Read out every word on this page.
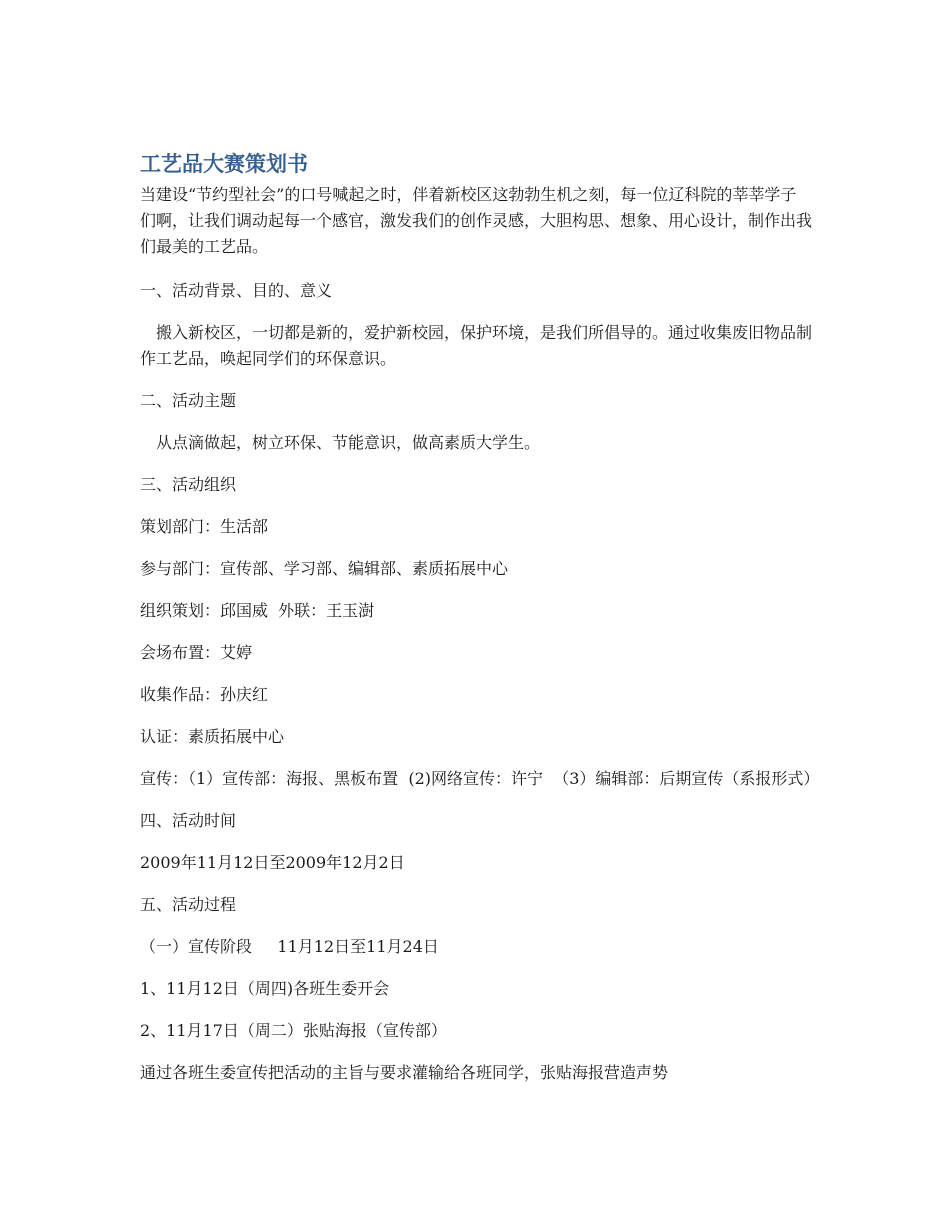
工艺品大赛策划书

当建设“节约型社会”的口号喊起之时，伴着新校区这勃勃生机之刻，每一位辽科院的莘莘学子们啊，让我们调动起每一个感官，激发我们的创作灵感，大胆构思、想象、用心设计，制作出我们最美的工艺品。

一、活动背景、目的、意义

搬入新校区，一切都是新的，爱护新校园，保护环境，是我们所倡导的。通过收集废旧物品制作工艺品，唤起同学们的环保意识。

二、活动主题

从点滴做起，树立环保、节能意识，做高素质大学生。

三、活动组织

策划部门：生活部

参与部门：宣传部、学习部、编辑部、素质拓展中心

组织策划：邱国威  外联：王玉澍

会场布置：艾婷

收集作品：孙庆红

认证：素质拓展中心

宣传：（1）宣传部：海报、黑板布置  (2)网络宣传：许宁  （3）编辑部：后期宣传（系报形式）

四、活动时间

2009年11月12日至2009年12月2日

五、活动过程

（一）宣传阶段     11月12日至11月24日

1、11月12日（周四)各班生委开会

2、11月17日（周二）张贴海报（宣传部）

通过各班生委宣传把活动的主旨与要求灌输给各班同学，张贴海报营造声势
